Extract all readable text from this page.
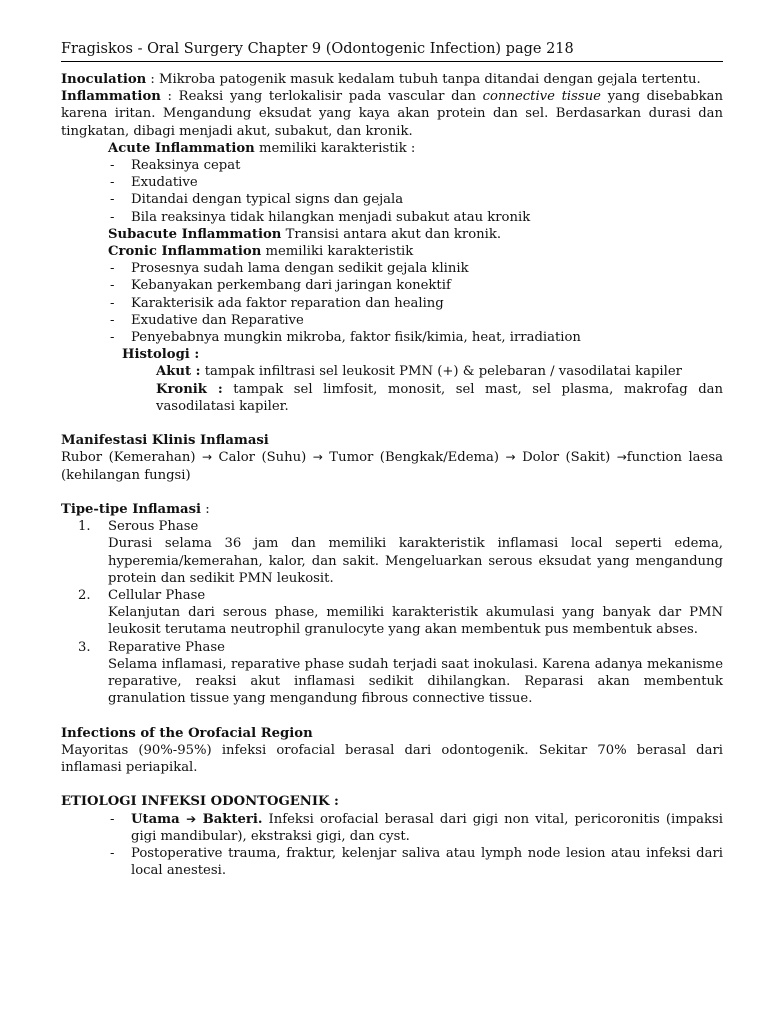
Fragiskos - Oral Surgery Chapter 9 (Odontogenic Infection) page 218

Inoculation : Mikroba patogenik masuk kedalam tubuh tanpa ditandai dengan gejala tertentu.

Inflammation : Reaksi yang terlokalisir pada vascular dan connective tissue yang disebabkan karena iritan. Mengandung eksudat yang kaya akan protein dan sel. Berdasarkan durasi dan tingkatan, dibagi menjadi akut, subakut, dan kronik.

Acute Inflammation memiliki karakteristik :

- Reaksinya cepat
- Exudative
- Ditandai dengan typical signs dan gejala
- Bila reaksinya tidak hilangkan menjadi subakut atau kronik

Subacute Inflammation Transisi antara akut dan kronik.

Cronic Inflammation memiliki karakteristik

- Prosesnya sudah lama dengan sedikit gejala klinik
- Kebanyakan perkembang dari jaringan konektif
- Karakterisik ada faktor reparation dan healing
- Exudative dan Reparative
- Penyebabnya mungkin mikroba, faktor fisik/kimia, heat, irradiation

Histologi :

Akut : tampak infiltrasi sel leukosit PMN (+) & pelebaran / vasodilatai kapiler

Kronik : tampak sel limfosit, monosit, sel mast, sel plasma, makrofag dan vasodilatasi kapiler.

Manifestasi Klinis Inflamasi

Rubor (Kemerahan) → Calor (Suhu) → Tumor (Bengkak/Edema) → Dolor (Sakit) →function laesa (kehilangan fungsi)

Tipe-tipe Inflamasi :

1. Serous Phase
Durasi selama 36 jam dan memiliki karakteristik inflamasi local seperti edema, hyperemia/kemerahan, kalor, dan sakit. Mengeluarkan serous eksudat yang mengandung protein dan sedikit PMN leukosit.
2. Cellular Phase
Kelanjutan dari serous phase, memiliki karakteristik akumulasi yang banyak dar PMN leukosit terutama neutrophil granulocyte yang akan membentuk pus membentuk abses.
3. Reparative Phase
Selama inflamasi, reparative phase sudah terjadi saat inokulasi. Karena adanya mekanisme reparative, reaksi akut inflamasi sedikit dihilangkan. Reparasi akan membentuk granulation tissue yang mengandung fibrous connective tissue.

Infections of the Orofacial Region

Mayoritas (90%-95%) infeksi orofacial berasal dari odontogenik. Sekitar 70% berasal dari inflamasi periapikal.

ETIOLOGI INFEKSI ODONTOGENIK :

- Utama ➔ Bakteri. Infeksi orofacial berasal dari gigi non vital, pericoronitis (impaksi gigi mandibular), ekstraksi gigi, dan cyst.
- Postoperative trauma, fraktur, kelenjar saliva atau lymph node lesion atau infeksi dari local anestesi.
